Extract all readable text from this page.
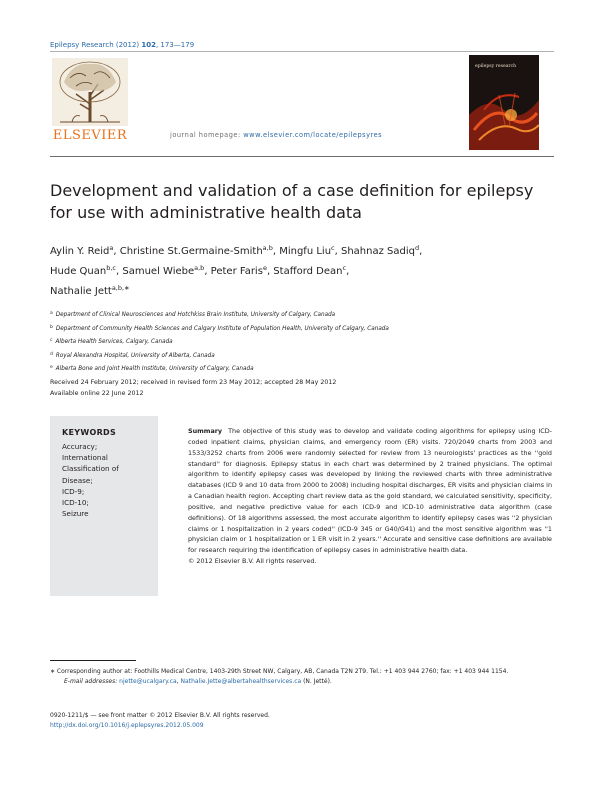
Epilepsy Research (2012) 102, 173—179
ELSEVIER	journal homepage: www.elsevier.com/locate/epilepsyres
epilepsy research
Development and validation of a case definition for epilepsy for use with administrative health data
Aylin Y. Reid$^a$, Christine St.Germaine-Smith$^{a,b}$, Mingfu Liu$^c$, Shahnaz Sadiq$^d$,
Hude Quan$^{b,c}$, Samuel Wiebe$^{a,b}$, Peter Faris$^e$, Stafford Dean$^c$,
Nathalie Jett$^{a,b,∗}$
$^a$ Department of Clinical Neurosciences and Hotchkiss Brain Institute, University of Calgary, Canada
$^b$ Department of Community Health Sciences and Calgary Institute of Population Health, University of Calgary, Canada
$^c$ Alberta Health Services, Calgary, Canada
$^d$ Royal Alexandra Hospital, University of Alberta, Canada
$^e$ Alberta Bone and Joint Health Institute, University of Calgary, Canada
Received 24 February 2012; received in revised form 23 May 2012; accepted 28 May 2012
Available online 22 June 2012
KEYWORDS
Accuracy;
International
Classification of
Disease;
ICD-9;
ICD-10;
Seizure
Summary The objective of this study was to develop and validate coding algorithms for epilepsy using ICD-coded inpatient claims, physician claims, and emergency room (ER) visits. 720/2049 charts from 2003 and 1533/3252 charts from 2006 were randomly selected for review from 13 neurologists' practices as the ''gold standard'' for diagnosis. Epilepsy status in each chart was determined by 2 trained physicians. The optimal algorithm to identify epilepsy cases was developed by linking the reviewed charts with three administrative databases (ICD 9 and 10 data from 2000 to 2008) including hospital discharges, ER visits and physician claims in a Canadian health region. Accepting chart review data as the gold standard, we calculated sensitivity, specificity, positive, and negative predictive value for each ICD-9 and ICD-10 administrative data algorithm (case definitions). Of 18 algorithms assessed, the most accurate algorithm to identify epilepsy cases was ''2 physician claims or 1 hospitalization in 2 years coded'' (ICD-9 345 or G40/G41) and the most sensitive algorithm was ''1 physician claim or 1 hospitalization or 1 ER visit in 2 years.'' Accurate and sensitive case definitions are available for research requiring the identification of epilepsy cases in administrative health data.
© 2012 Elsevier B.V. All rights reserved.
∗ Corresponding author at: Foothills Medical Centre, 1403-29th Street NW, Calgary, AB, Canada T2N 2T9. Tel.: +1 403 944 2760; fax: +1 403 944 1154.
E-mail addresses: njette@ucalgary.ca, Nathalie.Jette@albertahealthservices.ca (N. Jetté).
0920-1211/$ — see front matter © 2012 Elsevier B.V. All rights reserved.
http://dx.doi.org/10.1016/j.eplepsyres.2012.05.009
